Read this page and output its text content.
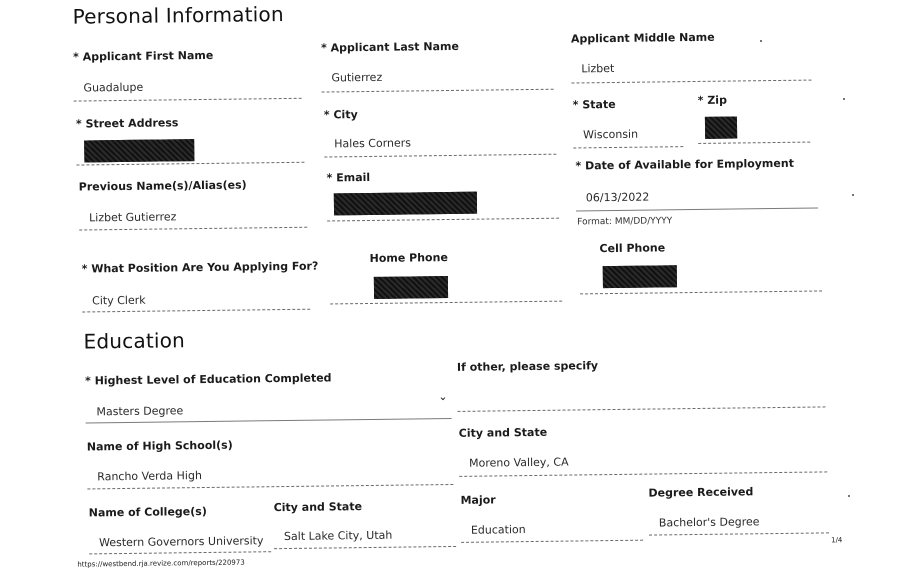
Personal Information
* Applicant First Name
Guadalupe
* Applicant Last Name
Gutierrez
Applicant Middle Name
Lizbet
* Street Address
* City
Hales Corners
* State
Wisconsin
* Zip
Previous Name(s)/Alias(es)
Lizbet Gutierrez
* Email
* Date of Available for Employment
06/13/2022
Format: MM/DD/YYYY
* What Position Are You Applying For?
City Clerk
Home Phone
Cell Phone
Education
* Highest Level of Education Completed
Masters Degree
⌄
If other, please specify
Name of High School(s)
Rancho Verda High
City and State
Moreno Valley, CA
Name of College(s)
Western Governors University
City and State
Salt Lake City, Utah
Major
Education
Degree Received
Bachelor's Degree
https://westbend.rja.revize.com/reports/220973
1/4
